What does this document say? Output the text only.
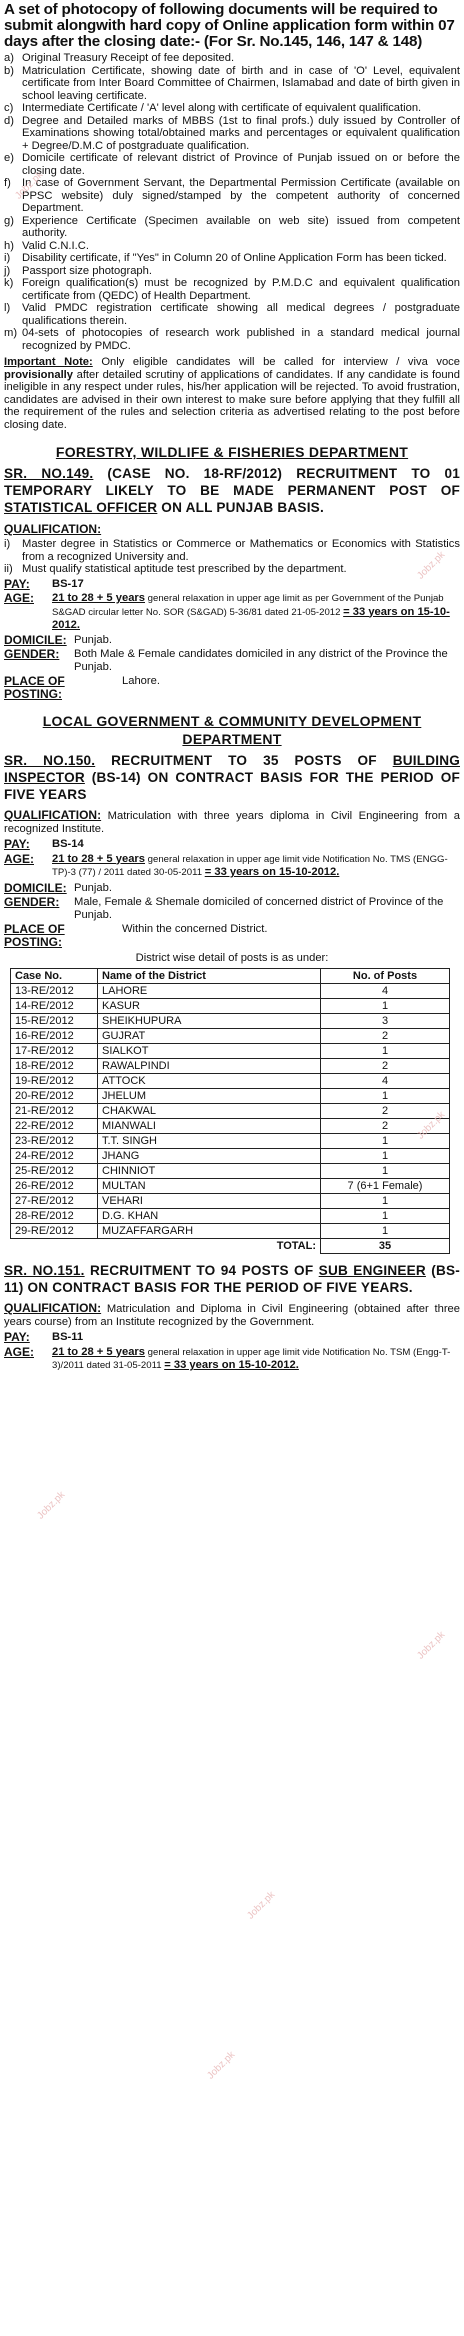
A set of photocopy of following documents will be required to submit alongwith hard copy of Online application form within 07 days after the closing date:- (For Sr. No.145, 146, 147 & 148)
a) Original Treasury Receipt of fee deposited.
b) Matriculation Certificate, showing date of birth and in case of 'O' Level, equivalent certificate from Inter Board Committee of Chairmen, Islamabad and date of birth given in school leaving certificate.
c) Intermediate Certificate / 'A' level along with certificate of equivalent qualification.
d) Degree and Detailed marks of MBBS (1st to final profs.) duly issued by Controller of Examinations showing total/obtained marks and percentages or equivalent qualification + Degree/D.M.C of postgraduate qualification.
e) Domicile certificate of relevant district of Province of Punjab issued on or before the closing date.
f) In case of Government Servant, the Departmental Permission Certificate (available on PPSC website) duly signed/stamped by the competent authority of concerned Department.
g) Experience Certificate (Specimen available on web site) issued from competent authority.
h) Valid C.N.I.C.
i)	Disability certificate, if "Yes" in Column 20 of Online Application Form has been ticked.
j)	Passport size photograph.
k) Foreign qualification(s) must be recognized by P.M.D.C and equivalent qualification certificate from (QEDC) of Health Department.
l)	Valid PMDC registration certificate showing all medical degrees / postgraduate qualifications therein.
m) 04-sets of photocopies of research work published in a standard medical journal recognized by PMDC.
Important Note: Only eligible candidates will be called for interview / viva voce provisionally after detailed scrutiny of applications of candidates. If any candidate is found ineligible in any respect under rules, his/her application will be rejected. To avoid frustration, candidates are advised in their own interest to make sure before applying that they fulfill all the requirement of the rules and selection criteria as advertised relating to the post before closing date.
FORESTRY, WILDLIFE & FISHERIES DEPARTMENT
SR. NO.149. (CASE NO. 18-RF/2012) RECRUITMENT TO 01 TEMPORARY LIKELY TO BE MADE PERMANENT POST OF STATISTICAL OFFICER ON ALL PUNJAB BASIS.
QUALIFICATION:
i)	Master degree in Statistics or Commerce or Mathematics or Economics with Statistics from a recognized University and.
ii) Must qualify statistical aptitude test prescribed by the department.
PAY:	BS-17
AGE:	21 to 28 + 5 years general relaxation in upper age limit as per Government of the Punjab S&GAD circular letter No. SOR (S&GAD) 5-36/81 dated 21-05-2012 = 33 years on 15-10-2012.
DOMICILE: Punjab.
GENDER:	Both Male & Female candidates domiciled in any district of the Province the Punjab.
PLACE OF POSTING:
Lahore.
LOCAL GOVERNMENT & COMMUNITY DEVELOPMENT DEPARTMENT
SR. NO.150. RECRUITMENT TO 35 POSTS OF BUILDING INSPECTOR (BS-14) ON CONTRACT BASIS FOR THE PERIOD OF FIVE YEARS
QUALIFICATION: Matriculation with three years diploma in Civil Engineering from a recognized Institute.
PAY:	BS-14
AGE:	21 to 28 + 5 years general relaxation in upper age limit vide Notification No. TMS (ENGG-TP)-3 (77) / 2011 dated 30-05-2011 = 33 years on 15-10-2012.
DOMICILE: Punjab.
GENDER:	Male, Female & Shemale domiciled of concerned district of Province of the Punjab.
PLACE OF POSTING:
Within the concerned District.
District wise detail of posts is as under:
Case No.	Name of the District	No. of Posts
13-RE/2012	LAHORE	4
14-RE/2012	KASUR	1
15-RE/2012	SHEIKHUPURA	3
16-RE/2012	GUJRAT	2
17-RE/2012	SIALKOT	1
18-RE/2012	RAWALPINDI	2
19-RE/2012	ATTOCK	4
20-RE/2012	JHELUM	1
21-RE/2012	CHAKWAL	2
22-RE/2012	MIANWALI	2
23-RE/2012	T.T. SINGH	1
24-RE/2012	JHANG	1
25-RE/2012	CHINNIOT	1
26-RE/2012	MULTAN	7 (6+1 Female)
27-RE/2012	VEHARI	1
28-RE/2012	D.G. KHAN	1
29-RE/2012	MUZAFFARGARH	1
	TOTAL:	35
SR. NO.151. RECRUITMENT TO 94 POSTS OF SUB ENGINEER (BS-11) ON CONTRACT BASIS FOR THE PERIOD OF FIVE YEARS.
QUALIFICATION: Matriculation and Diploma in Civil Engineering (obtained after three years course) from an Institute recognized by the Government.
PAY:	BS-11
AGE:	21 to 28 + 5 years general relaxation in upper age limit vide Notification No. TSM (Engg-T-3)/2011 dated 31-05-2011 = 33 years on 15-10-2012.
Jobz.pk
Jobz.pk
Jobz.pk
Jobz.pk
Jobz.pk
Jobz.pk
Jobz.pk
